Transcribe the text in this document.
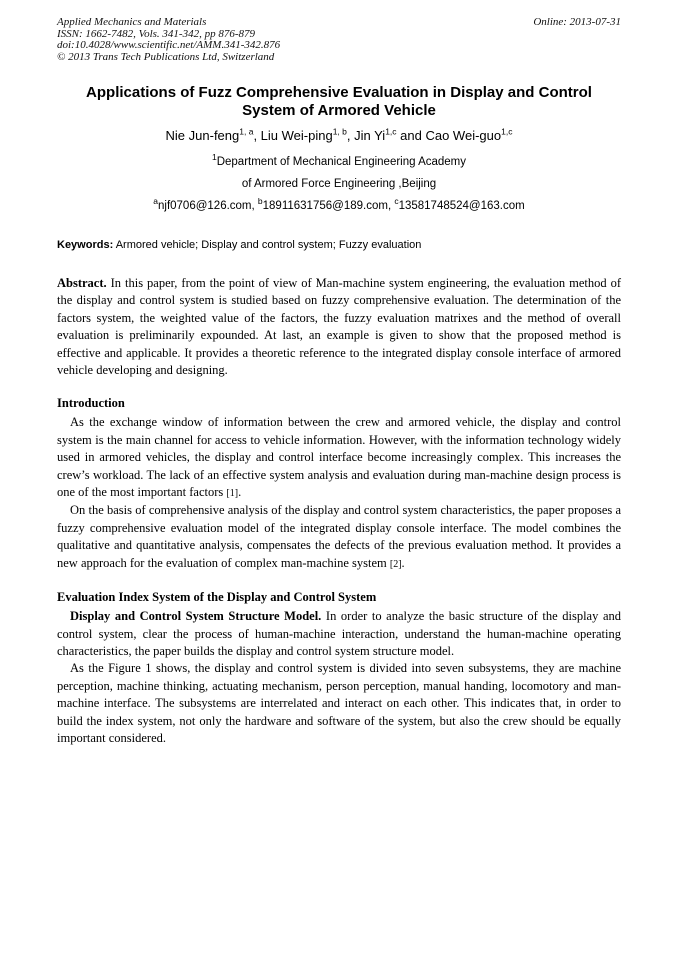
Applied Mechanics and Materials
ISSN: 1662-7482, Vols. 341-342, pp 876-879
doi:10.4028/www.scientific.net/AMM.341-342.876
© 2013 Trans Tech Publications Ltd, Switzerland
Online: 2013-07-31
Applications of Fuzz Comprehensive Evaluation in Display and Control
System of Armored Vehicle
Nie Jun-feng$^{1, a}$, Liu Wei-ping$^{1, b}$, Jin Yi$^{1,c}$ and Cao Wei-guo$^{1,c}$
$^1$Department of Mechanical Engineering Academy
of Armored Force Engineering ,Beijing
$^a$njf0706@126.com, $^b$18911631756@189.com, $^c$13581748524@163.com
Keywords: Armored vehicle; Display and control system; Fuzzy evaluation

Abstract. In this paper, from the point of view of Man-machine system engineering, the evaluation method of the display and control system is studied based on fuzzy comprehensive evaluation. The determination of the factors system, the weighted value of the factors, the fuzzy evaluation matrixes and the method of overall evaluation is preliminarily expounded. At last, an example is given to show that the proposed method is effective and applicable. It provides a theoretic reference to the integrated display console interface of armored vehicle developing and designing.

Introduction

As the exchange window of information between the crew and armored vehicle, the display and control system is the main channel for access to vehicle information. However, with the information technology widely used in armored vehicles, the display and control interface become increasingly complex. This increases the crew’s workload. The lack of an effective system analysis and evaluation during man-machine design process is one of the most important factors [1].

On the basis of comprehensive analysis of the display and control system characteristics, the paper proposes a fuzzy comprehensive evaluation model of the integrated display console interface. The model combines the qualitative and quantitative analysis, compensates the defects of the previous evaluation method. It provides a new approach for the evaluation of complex man-machine system [2].

Evaluation Index System of the Display and Control System

Display and Control System Structure Model. In order to analyze the basic structure of the display and control system, clear the process of human-machine interaction, understand the human-machine operating characteristics, the paper builds the display and control system structure model.

As the Figure 1 shows, the display and control system is divided into seven subsystems, they are machine perception, machine thinking, actuating mechanism, person perception, manual handing, locomotory and man-machine interface. The subsystems are interrelated and interact on each other. This indicates that, in order to build the index system, not only the hardware and software of the system, but also the crew should be equally important considered.
